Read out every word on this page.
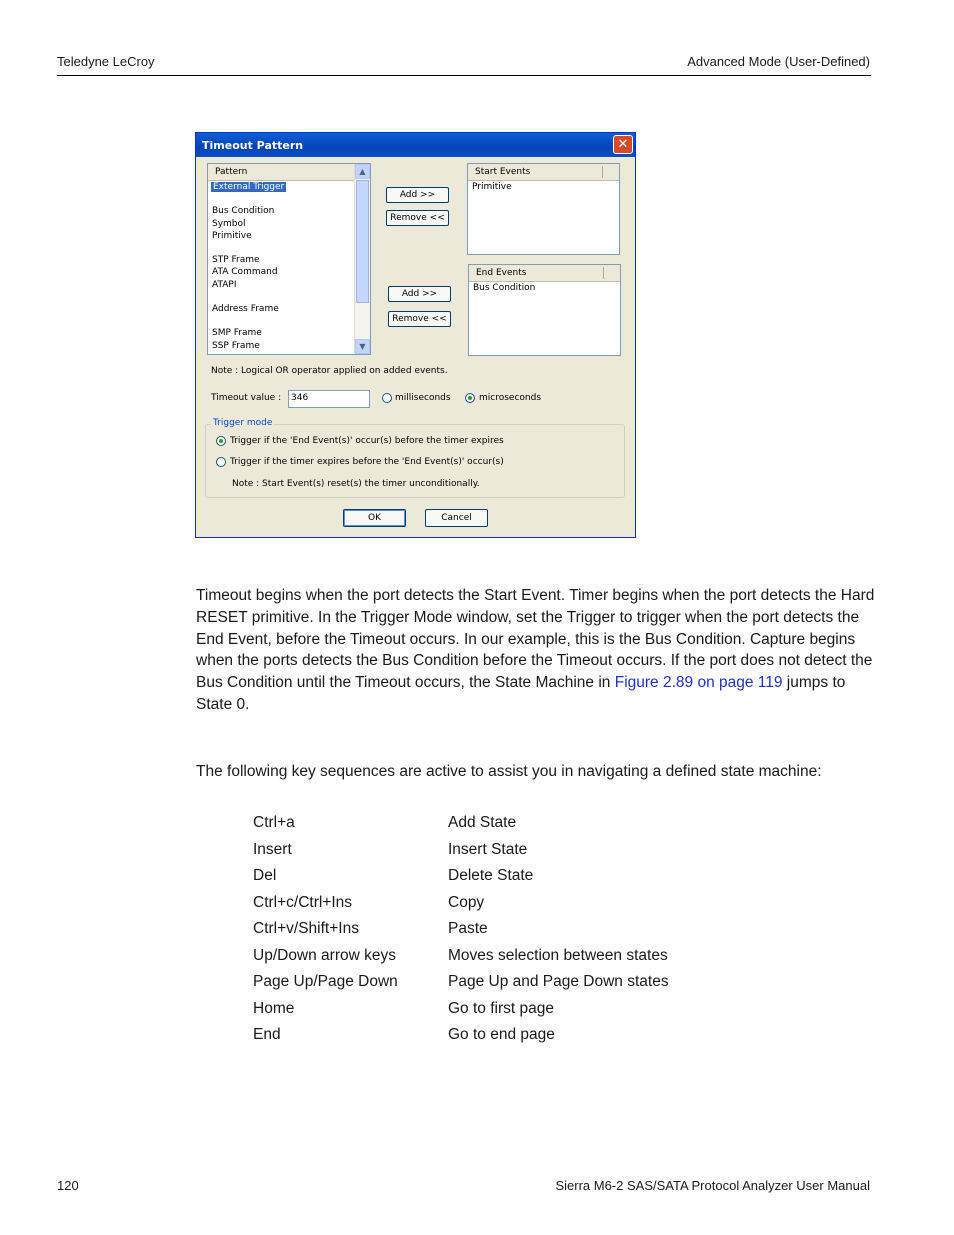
Teledyne LeCroy	Advanced Mode (User-Defined)
Timeout Pattern	✕
Pattern
External Trigger
Bus Condition
Symbol
Primitive
STP Frame
ATA Command
ATAPI
Address Frame
SMP Frame
SSP Frame
▲
▼
Add >>
Remove <<
Start Events
Primitive
Add >>
Remove <<
End Events
Bus Condition
Note : Logical OR operator applied on added events.
Timeout value :	346	milliseconds	microseconds
Trigger mode
Trigger if the 'End Event(s)' occur(s) before the timer expires
Trigger if the timer expires before the 'End Event(s)' occur(s)
Note : Start Event(s) reset(s) the timer unconditionally.
OK	Cancel
Timeout begins when the port detects the Start Event. Timer begins when the port detects the Hard RESET primitive. In the Trigger Mode window, set the Trigger to trigger when the port detects the End Event, before the Timeout occurs. In our example, this is the Bus Condition. Capture begins when the ports detects the Bus Condition before the Timeout occurs. If the port does not detect the Bus Condition until the Timeout occurs, the State Machine in Figure 2.89 on page 119 jumps to State 0.
The following key sequences are active to assist you in navigating a defined state machine:
Ctrl+a	Add State
Insert	Insert State
Del	Delete State
Ctrl+c/Ctrl+Ins	Copy
Ctrl+v/Shift+Ins	Paste
Up/Down arrow keys	Moves selection between states
Page Up/Page Down	Page Up and Page Down states
Home	Go to first page
End	Go to end page
120	Sierra M6-2 SAS/SATA Protocol Analyzer User Manual
